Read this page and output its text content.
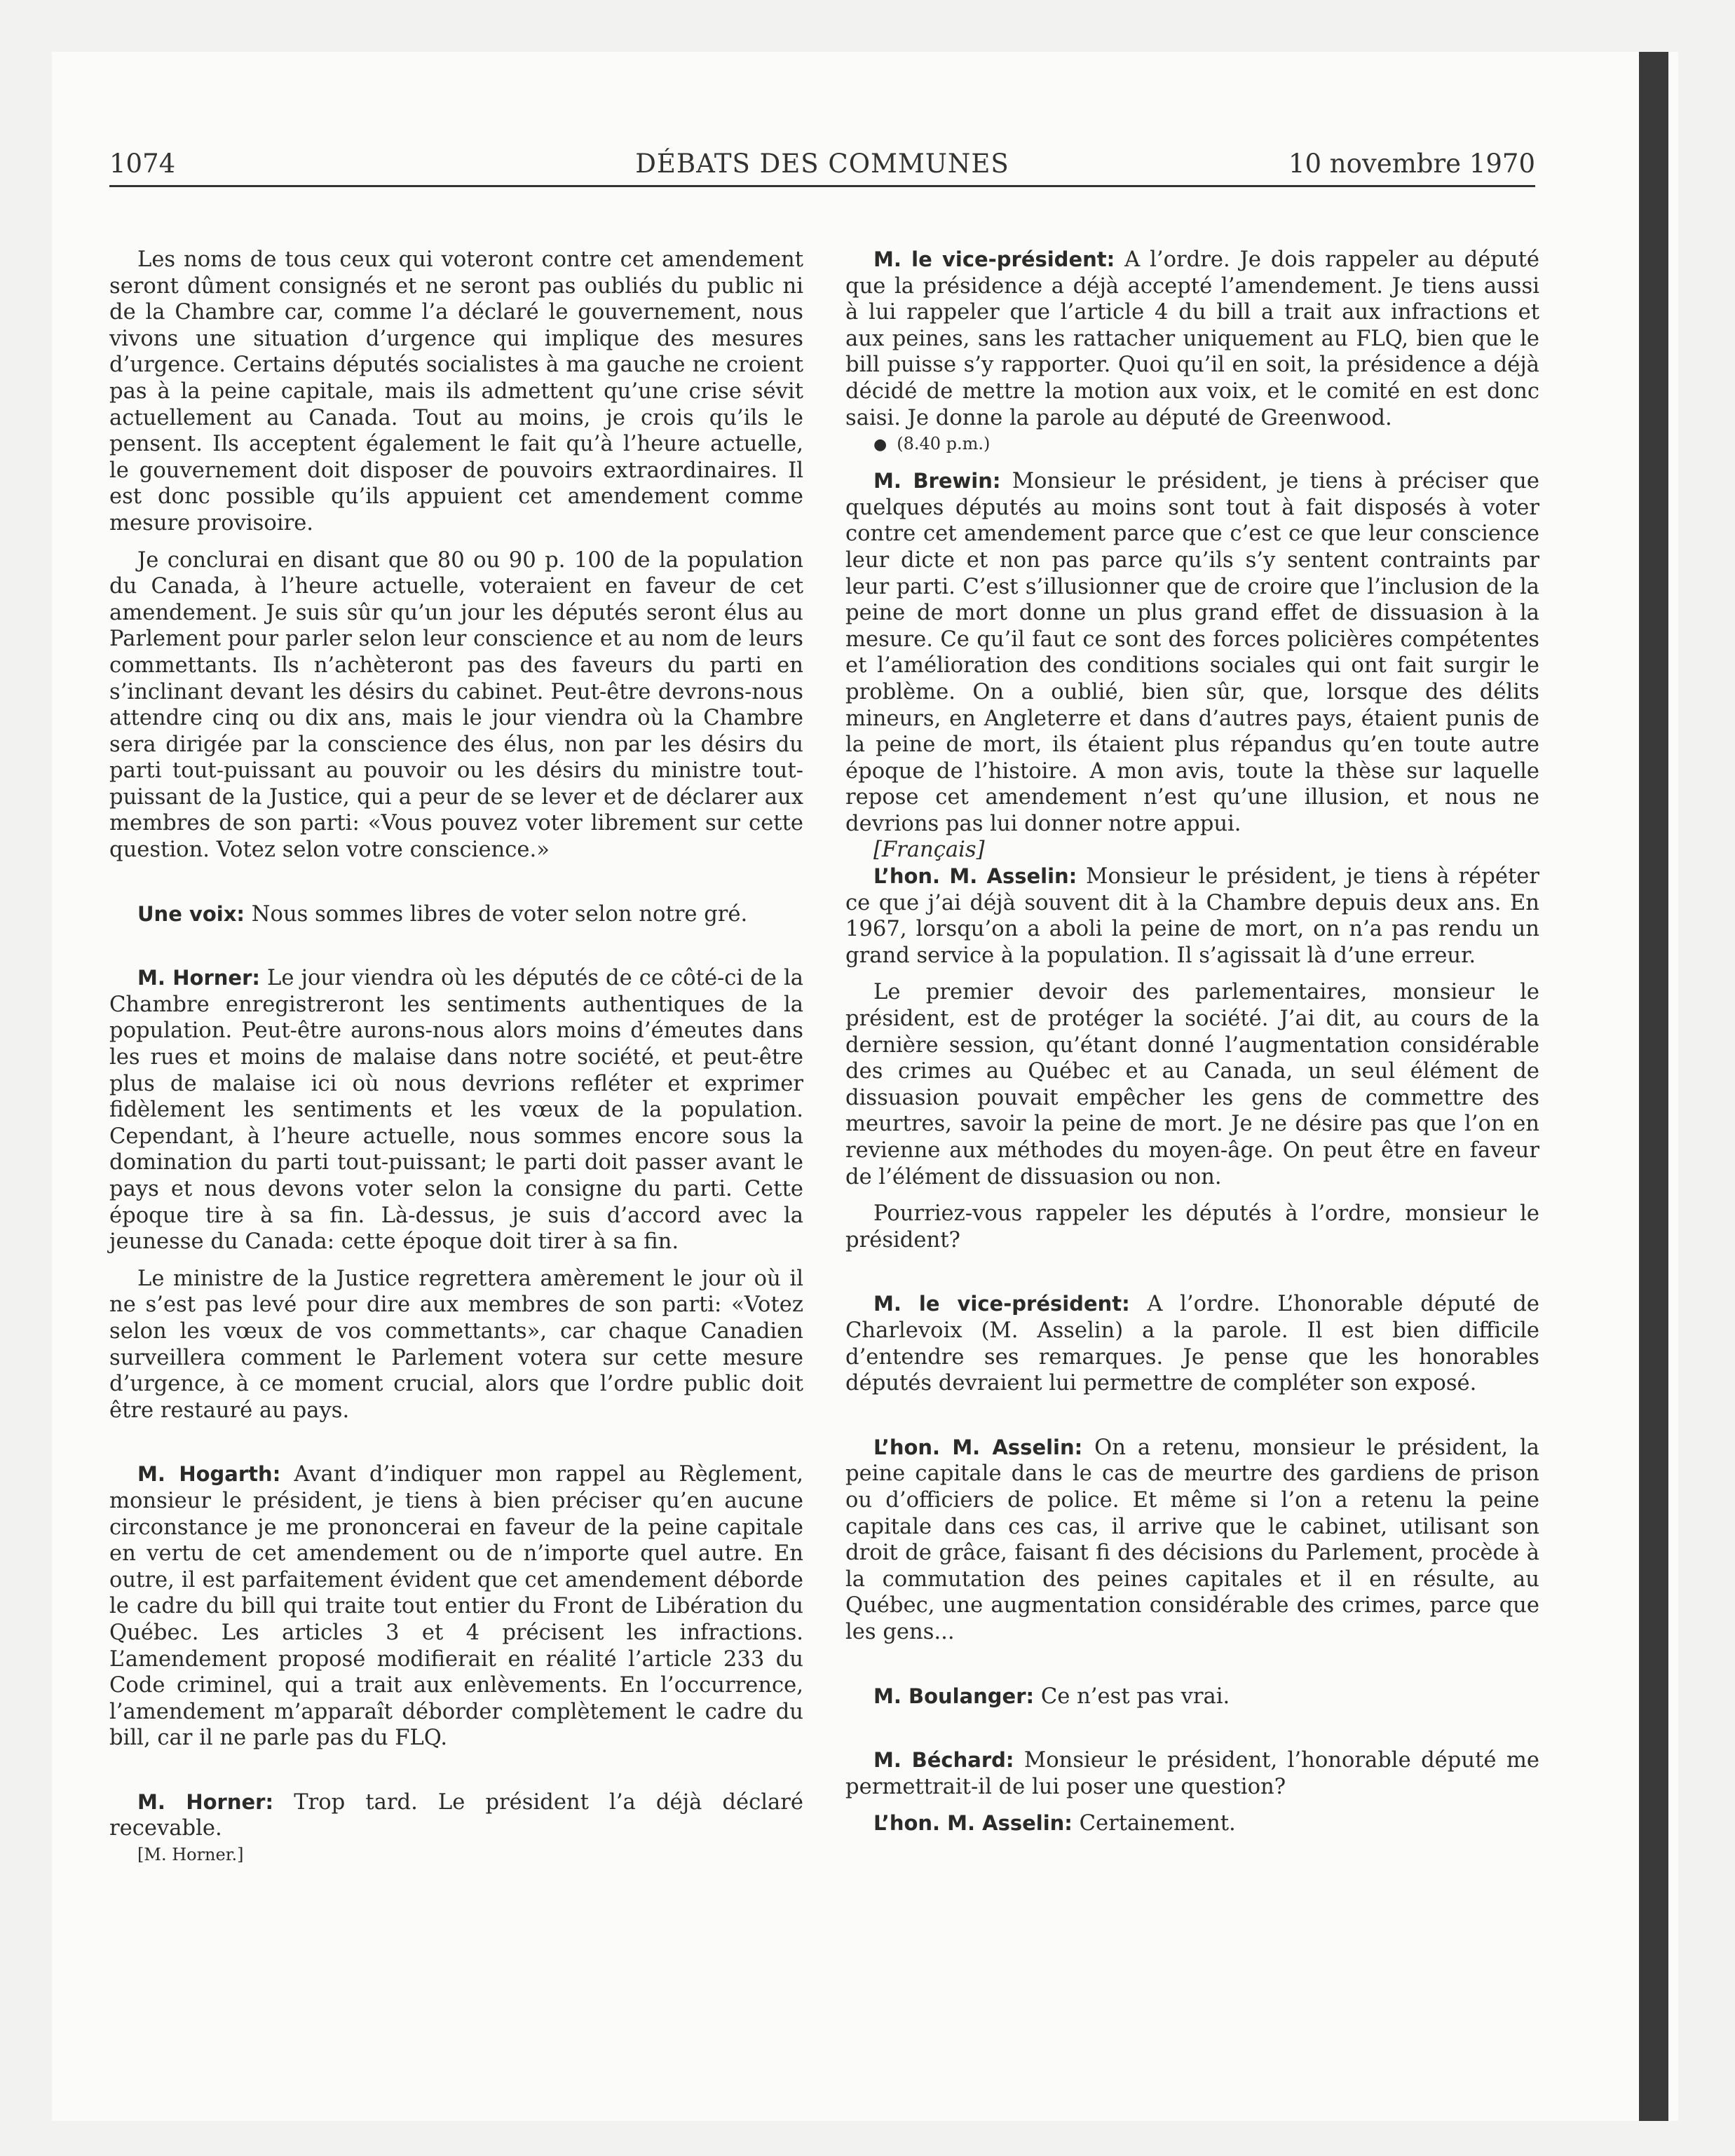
1074	DÉBATS DES COMMUNES	10 novembre 1970

Les noms de tous ceux qui voteront contre cet amendement seront dûment consignés et ne seront pas oubliés du public ni de la Chambre car, comme l’a déclaré le gouvernement, nous vivons une situation d’urgence qui implique des mesures d’urgence. Certains députés socialistes à ma gauche ne croient pas à la peine capitale, mais ils admettent qu’une crise sévit actuellement au Canada. Tout au moins, je crois qu’ils le pensent. Ils acceptent également le fait qu’à l’heure actuelle, le gouvernement doit disposer de pouvoirs extraordinaires. Il est donc possible qu’ils appuient cet amendement comme mesure provisoire.

Je conclurai en disant que 80 ou 90 p. 100 de la population du Canada, à l’heure actuelle, voteraient en faveur de cet amendement. Je suis sûr qu’un jour les députés seront élus au Parlement pour parler selon leur conscience et au nom de leurs commettants. Ils n’achèteront pas des faveurs du parti en s’inclinant devant les désirs du cabinet. Peut-être devrons-nous attendre cinq ou dix ans, mais le jour viendra où la Chambre sera dirigée par la conscience des élus, non par les désirs du parti tout-puissant au pouvoir ou les désirs du ministre tout-puissant de la Justice, qui a peur de se lever et de déclarer aux membres de son parti: «Vous pouvez voter librement sur cette question. Votez selon votre conscience.»

Une voix: Nous sommes libres de voter selon notre gré.

M. Horner: Le jour viendra où les députés de ce côté-ci de la Chambre enregistreront les sentiments authentiques de la population. Peut-être aurons-nous alors moins d’émeutes dans les rues et moins de malaise dans notre société, et peut-être plus de malaise ici où nous devrions refléter et exprimer fidèlement les sentiments et les vœux de la population. Cependant, à l’heure actuelle, nous sommes encore sous la domination du parti tout-puissant; le parti doit passer avant le pays et nous devons voter selon la consigne du parti. Cette époque tire à sa fin. Là-dessus, je suis d’accord avec la jeunesse du Canada: cette époque doit tirer à sa fin.

Le ministre de la Justice regrettera amèrement le jour où il ne s’est pas levé pour dire aux membres de son parti: «Votez selon les vœux de vos commettants», car chaque Canadien surveillera comment le Parlement votera sur cette mesure d’urgence, à ce moment crucial, alors que l’ordre public doit être restauré au pays.

M. Hogarth: Avant d’indiquer mon rappel au Règlement, monsieur le président, je tiens à bien préciser qu’en aucune circonstance je me prononcerai en faveur de la peine capitale en vertu de cet amendement ou de n’importe quel autre. En outre, il est parfaitement évident que cet amendement déborde le cadre du bill qui traite tout entier du Front de Libération du Québec. Les articles 3 et 4 précisent les infractions. L’amendement proposé modifierait en réalité l’article 233 du Code criminel, qui a trait aux enlèvements. En l’occurrence, l’amendement m’apparaît déborder complètement le cadre du bill, car il ne parle pas du FLQ.

M. Horner: Trop tard. Le président l’a déjà déclaré recevable.

[M. Horner.]

M. le vice-président: A l’ordre. Je dois rappeler au député que la présidence a déjà accepté l’amendement. Je tiens aussi à lui rappeler que l’article 4 du bill a trait aux infractions et aux peines, sans les rattacher uniquement au FLQ, bien que le bill puisse s’y rapporter. Quoi qu’il en soit, la présidence a déjà décidé de mettre la motion aux voix, et le comité en est donc saisi. Je donne la parole au député de Greenwood.

● (8.40 p.m.)

M. Brewin: Monsieur le président, je tiens à préciser que quelques députés au moins sont tout à fait disposés à voter contre cet amendement parce que c’est ce que leur conscience leur dicte et non pas parce qu’ils s’y sentent contraints par leur parti. C’est s’illusionner que de croire que l’inclusion de la peine de mort donne un plus grand effet de dissuasion à la mesure. Ce qu’il faut ce sont des forces policières compétentes et l’amélioration des conditions sociales qui ont fait surgir le problème. On a oublié, bien sûr, que, lorsque des délits mineurs, en Angleterre et dans d’autres pays, étaient punis de la peine de mort, ils étaient plus répandus qu’en toute autre époque de l’histoire. A mon avis, toute la thèse sur laquelle repose cet amendement n’est qu’une illusion, et nous ne devrions pas lui donner notre appui.

[Français]

L’hon. M. Asselin: Monsieur le président, je tiens à répéter ce que j’ai déjà souvent dit à la Chambre depuis deux ans. En 1967, lorsqu’on a aboli la peine de mort, on n’a pas rendu un grand service à la population. Il s’agissait là d’une erreur.

Le premier devoir des parlementaires, monsieur le président, est de protéger la société. J’ai dit, au cours de la dernière session, qu’étant donné l’augmentation considérable des crimes au Québec et au Canada, un seul élément de dissuasion pouvait empêcher les gens de commettre des meurtres, savoir la peine de mort. Je ne désire pas que l’on en revienne aux méthodes du moyen-âge. On peut être en faveur de l’élément de dissuasion ou non.

Pourriez-vous rappeler les députés à l’ordre, monsieur le président?

M. le vice-président: A l’ordre. L’honorable député de Charlevoix (M. Asselin) a la parole. Il est bien difficile d’entendre ses remarques. Je pense que les honorables députés devraient lui permettre de compléter son exposé.

L’hon. M. Asselin: On a retenu, monsieur le président, la peine capitale dans le cas de meurtre des gardiens de prison ou d’officiers de police. Et même si l’on a retenu la peine capitale dans ces cas, il arrive que le cabinet, utilisant son droit de grâce, faisant fi des décisions du Parlement, procède à la commutation des peines capitales et il en résulte, au Québec, une augmentation considérable des crimes, parce que les gens...

M. Boulanger: Ce n’est pas vrai.

M. Béchard: Monsieur le président, l’honorable député me permettrait-il de lui poser une question?

L’hon. M. Asselin: Certainement.
